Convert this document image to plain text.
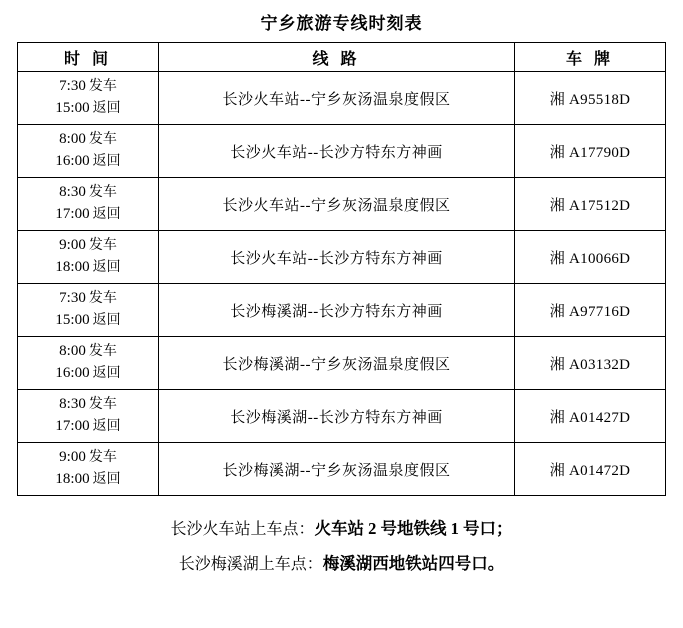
宁乡旅游专线时刻表
时 间	线 路	车 牌

7:30 发车
15:00 返回	长沙火车站--宁乡灰汤温泉度假区	湘 A95518D

8:00 发车
16:00 返回	长沙火车站--长沙方特东方神画	湘 A17790D

8:30 发车
17:00 返回	长沙火车站--宁乡灰汤温泉度假区	湘 A17512D

9:00 发车
18:00 返回	长沙火车站--长沙方特东方神画	湘 A10066D

7:30 发车
15:00 返回	长沙梅溪湖--长沙方特东方神画	湘 A97716D

8:00 发车
16:00 返回	长沙梅溪湖--宁乡灰汤温泉度假区	湘 A03132D

8:30 发车
17:00 返回	长沙梅溪湖--长沙方特东方神画	湘 A01427D

9:00 发车
18:00 返回	长沙梅溪湖--宁乡灰汤温泉度假区	湘 A01472D
长沙火车站上车点：火车站 2 号地铁线 1 号口；
长沙梅溪湖上车点：梅溪湖西地铁站四号口。
